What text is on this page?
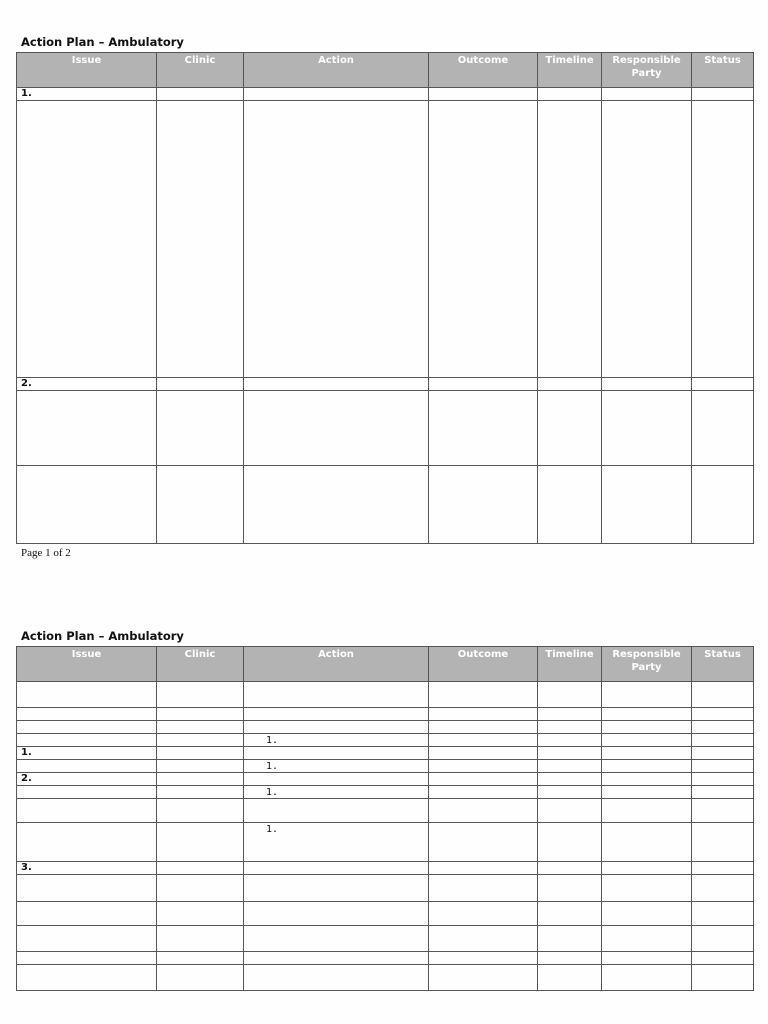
Action Plan – Ambulatory
Issue	Clinic	Action	Outcome	Timeline	Responsible Party	Status
1.						

2.						

Page 1 of 2
Action Plan – Ambulatory
Issue	Clinic	Action	Outcome	Timeline	Responsible Party	Status

		1.				
1.						
		1.				
2.						
		1.				

		1.				
3.						
